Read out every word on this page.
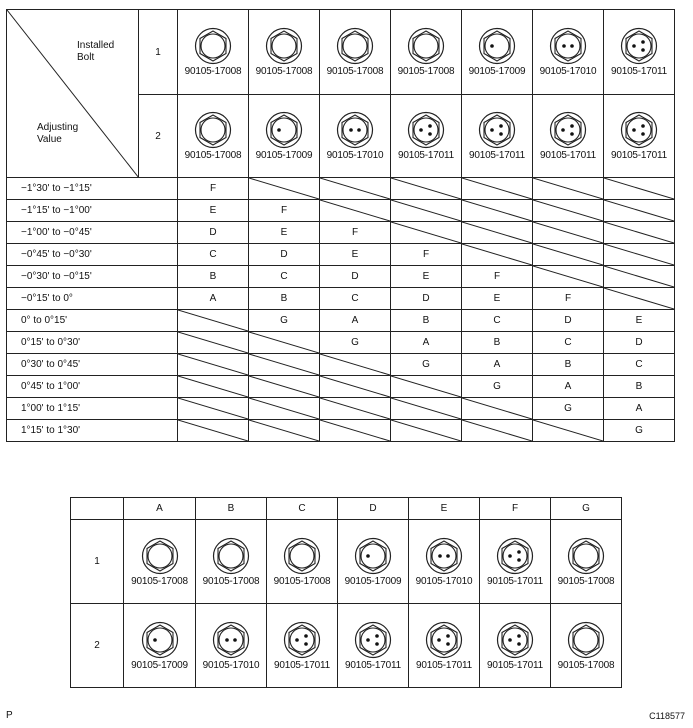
Installed
Bolt
Adjusting
Value	1	90105-17008	90105-17008	90105-17008	90105-17008	90105-17009	90105-17010	90105-17011

	2	90105-17008	90105-17009	90105-17010	90105-17011	90105-17011	90105-17011	90105-17011

−1°30' to −1°15'		F	

−1°15' to −1°00'		E	F	

−1°00' to −0°45'		D	E	F	

−0°45' to −0°30'		C	D	E	F	

−0°30' to −0°15'		B	C	D	E	F	

−0°15' to 0°		A	B	C	D	E	F	

0° to 0°15'			G	A	B	C	D	E
0°15' to 0°30'				G	A	B	C	D
0°30' to 0°45'					G	A	B	C
0°45' to 1°00'						G	A	B
1°00' to 1°15'							G	A
1°15' to 1°30'								G
	A	B	C	D	E	F	G
1	90105-17008	90105-17008	90105-17008	90105-17009	90105-17010	90105-17011	90105-17008

2	90105-17009	90105-17010	90105-17011	90105-17011	90105-17011	90105-17011	90105-17008
P	C118577
